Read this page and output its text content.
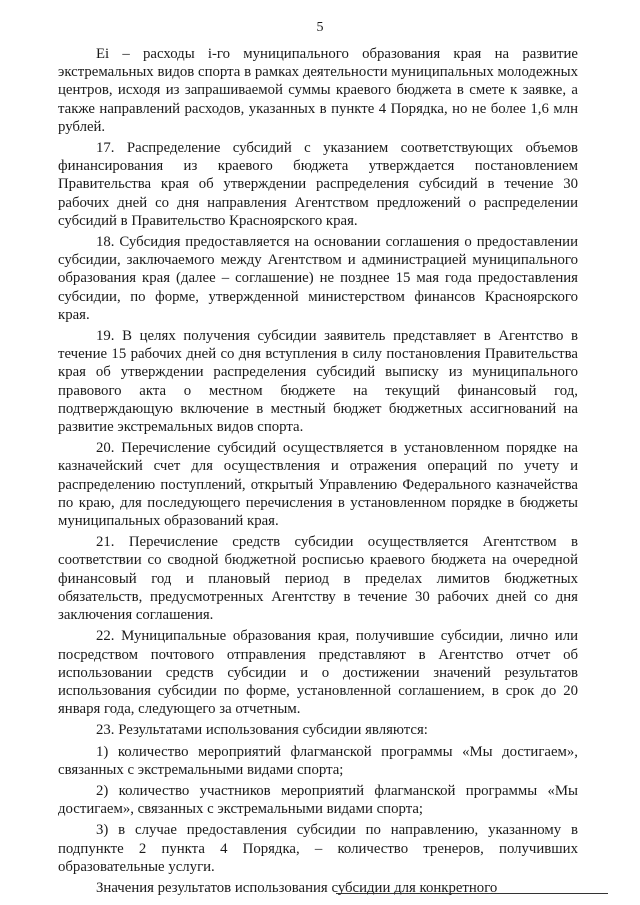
5

Ei – расходы i-го муниципального образования края на развитие экстремальных видов спорта в рамках деятельности муниципальных молодежных центров, исходя из запрашиваемой суммы краевого бюджета в смете к заявке, а также направлений расходов, указанных в пункте 4 Порядка, но не более 1,6 млн рублей.

17. Распределение субсидий с указанием соответствующих объемов финансирования из краевого бюджета утверждается постановлением Правительства края об утверждении распределения субсидий в течение 30 рабочих дней со дня направления Агентством предложений о распределении субсидий в Правительство Красноярского края.

18. Субсидия предоставляется на основании соглашения о предоставлении субсидии, заключаемого между Агентством и администрацией муниципального образования края (далее – соглашение) не позднее 15 мая года предоставления субсидии, по форме, утвержденной министерством финансов Красноярского края.

19. В целях получения субсидии заявитель представляет в Агентство в течение 15 рабочих дней со дня вступления в силу постановления Правительства края об утверждении распределения субсидий выписку из муниципального правового акта о местном бюджете на текущий финансовый год, подтверждающую включение в местный бюджет бюджетных ассигнований на развитие экстремальных видов спорта.

20. Перечисление субсидий осуществляется в установленном порядке на казначейский счет для осуществления и отражения операций по учету и распределению поступлений, открытый Управлению Федерального казначейства по краю, для последующего перечисления в установленном порядке в бюджеты муниципальных образований края.

21. Перечисление средств субсидии осуществляется Агентством в соответствии со сводной бюджетной росписью краевого бюджета на очередной финансовый год и плановый период в пределах лимитов бюджетных обязательств, предусмотренных Агентству в течение 30 рабочих дней со дня заключения соглашения.

22. Муниципальные образования края, получившие субсидии, лично или посредством почтового отправления представляют в Агентство отчет об использовании средств субсидии и о достижении значений результатов использования субсидии по форме, установленной соглашением, в срок до 20 января года, следующего за отчетным.

23. Результатами использования субсидии являются:

1) количество мероприятий флагманской программы «Мы достигаем», связанных с экстремальными видами спорта;

2) количество участников мероприятий флагманской программы «Мы достигаем», связанных с экстремальными видами спорта;

3) в случае предоставления субсидии по направлению, указанному в подпункте 2 пункта 4 Порядка, – количество тренеров, получивших образовательные услуги.

Значения результатов использования субсидии для конкретного
